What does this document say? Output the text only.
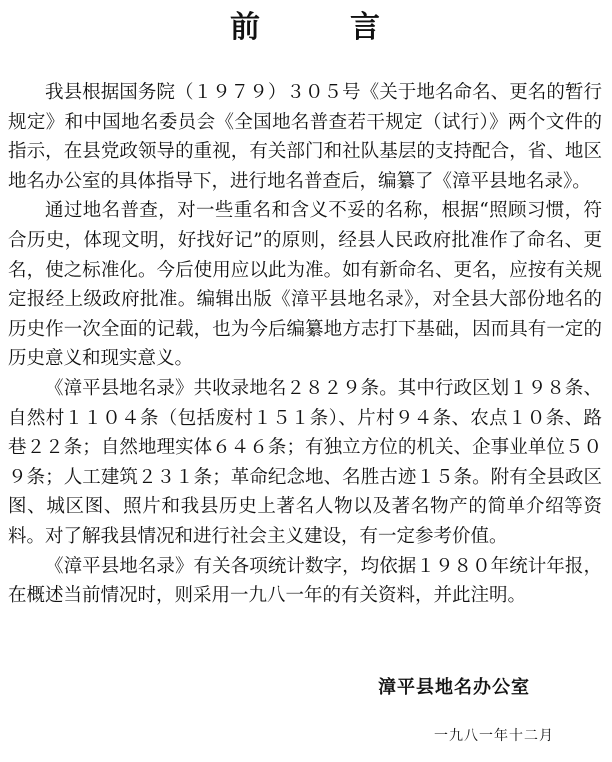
前言

我县根据国务院（１９７９）３０５号《关于地名命名、更名的暂行规定》和中国地名委员会《全国地名普查若干规定（试行）》两个文件的指示，在县党政领导的重视，有关部门和社队基层的支持配合，省、地区地名办公室的具体指导下，进行地名普查后，编纂了《漳平县地名录》。

通过地名普查，对一些重名和含义不妥的名称，根据“照顾习惯，符合历史，体现文明，好找好记”的原则，经县人民政府批准作了命名、更名，使之标准化。今后使用应以此为准。如有新命名、更名，应按有关规定报经上级政府批准。编辑出版《漳平县地名录》，对全县大部份地名的历史作一次全面的记载，也为今后编纂地方志打下基础，因而具有一定的历史意义和现实意义。

《漳平县地名录》共收录地名２８２９条。其中行政区划１９８条、自然村１１０４条（包括废村１５１条）、片村９４条、农点１０条、路巷２２条；自然地理实体６４６条；有独立方位的机关、企事业单位５０９条；人工建筑２３１条；革命纪念地、名胜古迹１５条。附有全县政区图、城区图、照片和我县历史上著名人物以及著名物产的简单介绍等资料。对了解我县情况和进行社会主义建设，有一定参考价值。

《漳平县地名录》有关各项统计数字，均依据１９８０年统计年报，在概述当前情况时，则采用一九八一年的有关资料，并此注明。

漳平县地名办公室
一九八一年十二月
